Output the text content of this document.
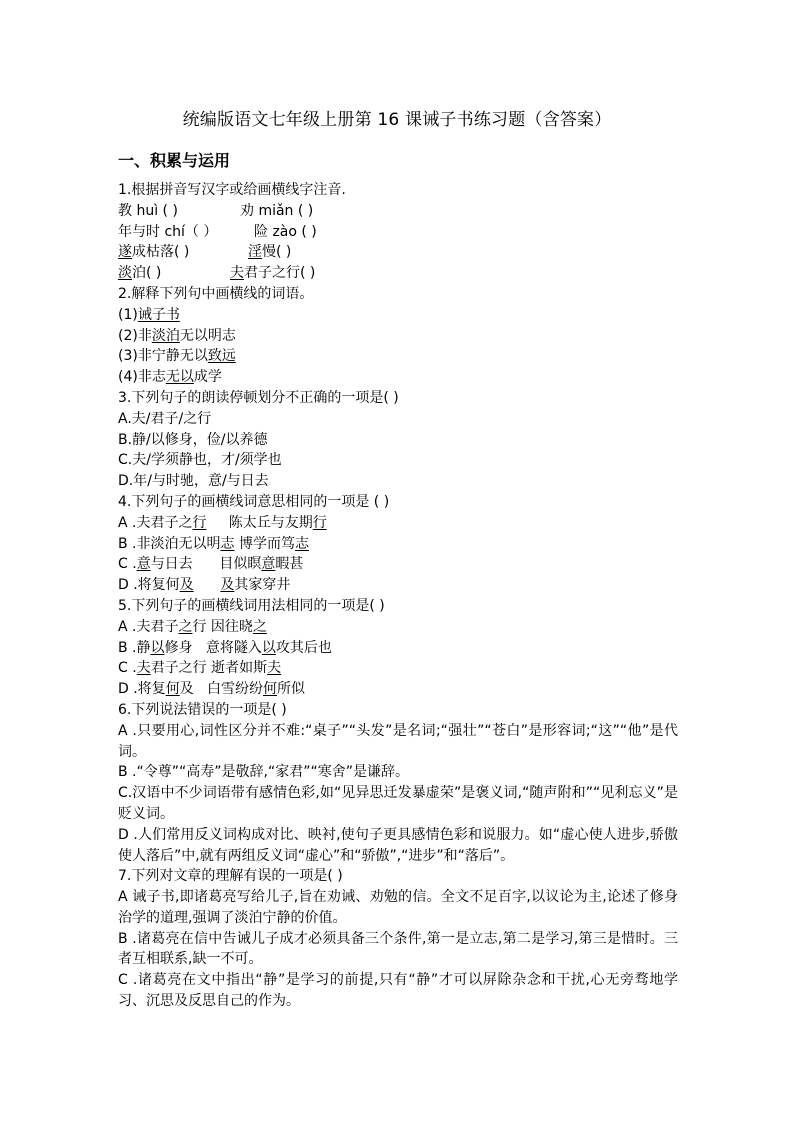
统编版语文七年级上册第 16 课诫子书练习题（含答案）
一、积累与运用
1.根据拼音写汉字或给画横线字注音.
教 huì ( )	劝 miǎn ( )
年与时 chí（ ）	险 zào ( )
遂成枯落( )	淫慢( )
淡泊( )	夫君子之行( )
2.解释下列句中画横线的词语。
(1)诫子书
(2)非淡泊无以明志
(3)非宁静无以致远
(4)非志无以成学
3.下列句子的朗读停顿划分不正确的一项是( )
A.夫/君子/之行
B.静/以修身，俭/以养德
C.夫/学须静也，才/须学也
D.年/与时驰，意/与日去
4.下列句子的画横线词意思相同的一项是 ( )
A .夫君子之行     陈太丘与友期行
B .非淡泊无以明志 博学而笃志
C .意与日去      目似瞑意暇甚
D .将复何及 及其家穿井
5.下列句子的画横线词用法相同的一项是( )
A .夫君子之行 因往晓之
B .静以修身   意将隧入以攻其后也
C .夫君子之行 逝者如斯夫
D .将复何及   白雪纷纷何所似
6.下列说法错误的一项是( )
A .只要用心,词性区分并不难:“桌子”“头发”是名词;“强壮”“苍白”是形容词;“这”“他”是代词。
B .“令尊”“高寿”是敬辞,“家君”“寒舍”是谦辞。
C.汉语中不少词语带有感情色彩,如“见异思迁发暴虚荣”是褒义词,“随声附和”“见利忘义”是贬义词。
D .人们常用反义词构成对比、映衬,使句子更具感情色彩和说服力。如“虚心使人进步,骄傲使人落后”中,就有两组反义词“虚心”和“骄傲”,“进步”和“落后”。
7.下列对文章的理解有误的一项是( )
A 诫子书,即诸葛亮写给儿子,旨在劝诫、劝勉的信。全文不足百字,以议论为主,论述了修身治学的道理,强调了淡泊宁静的价值。
B .诸葛亮在信中告诫儿子成才必须具备三个条件,第一是立志,第二是学习,第三是惜时。三者互相联系,缺一不可。
C .诸葛亮在文中指出“静”是学习的前提,只有“静”才可以屏除杂念和干扰,心无旁骛地学习、沉思及反思自己的作为。
